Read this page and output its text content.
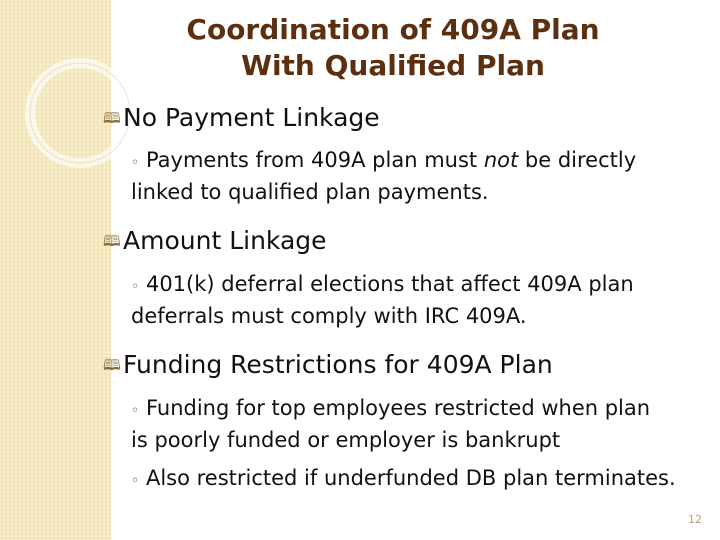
Coordination of 409A Plan
With Qualified Plan
🕮No Payment Linkage
◦ Payments from 409A plan must not be directly
linked to qualified plan payments.
🕮Amount Linkage
◦ 401(k) deferral elections that affect 409A plan
deferrals must comply with IRC 409A.
🕮Funding Restrictions for 409A Plan
◦ Funding for top employees restricted when plan
is poorly funded or employer is bankrupt
◦ Also restricted if underfunded DB plan terminates.
12
